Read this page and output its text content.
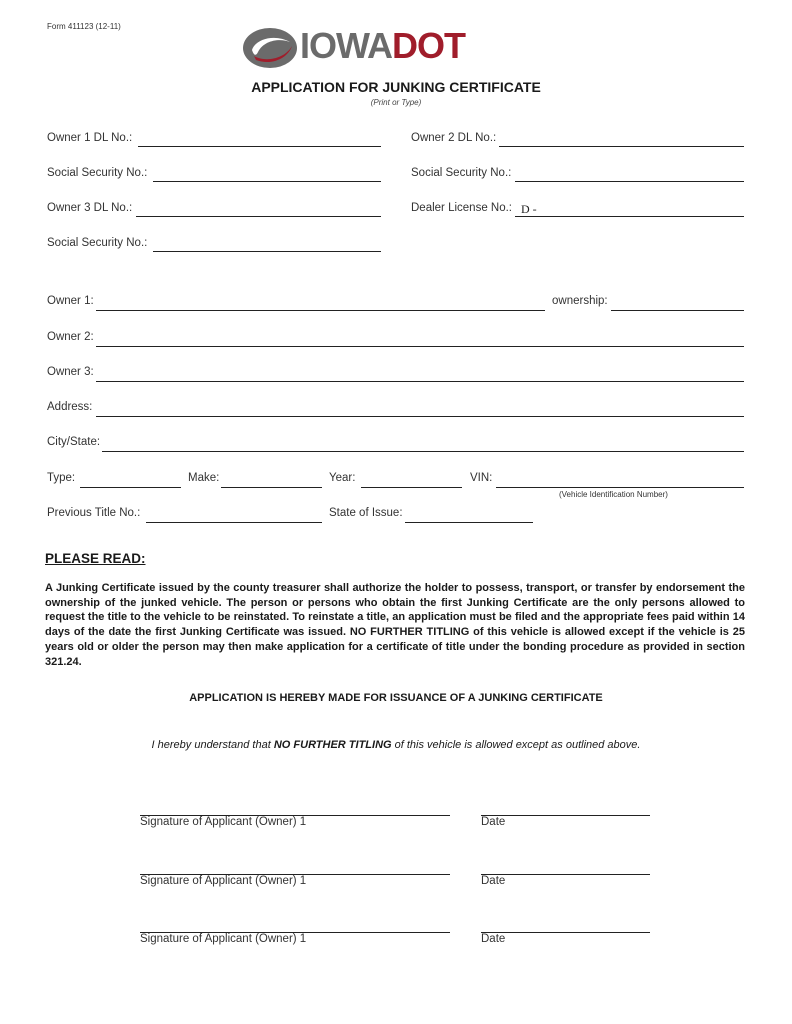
Form 411123 (12-11)	IOWADOT
APPLICATION FOR JUNKING CERTIFICATE
(Print or Type)
Owner 1 DL No.:	Owner 2 DL No.:
Social Security No.:	Social Security No.:
Owner 3 DL No.:	Dealer License No.: D -
Social Security No.:
Owner 1:	ownership:
Owner 2:
Owner 3:
Address:
City/State:
Type:	Make:	Year:	VIN:
(Vehicle Identification Number)
Previous Title No.:	State of Issue:
PLEASE READ:
A Junking Certificate issued by the county treasurer shall authorize the holder to possess, transport, or transfer by endorsement the ownership of the junked vehicle. The person or persons who obtain the first Junking Certificate are the only persons allowed to request the title to the vehicle to be reinstated. To reinstate a title, an application must be filed and the appropriate fees paid within 14 days of the date the first Junking Certificate was issued. NO FURTHER TITLING of this vehicle is allowed except if the vehicle is 25 years old or older the person may then make application for a certificate of title under the bonding procedure as provided in section 321.24.
APPLICATION IS HEREBY MADE FOR ISSUANCE OF A JUNKING CERTIFICATE
I hereby understand that NO FURTHER TITLING of this vehicle is allowed except as outlined above.
Signature of Applicant (Owner) 1	Date
Signature of Applicant (Owner) 1	Date
Signature of Applicant (Owner) 1	Date
